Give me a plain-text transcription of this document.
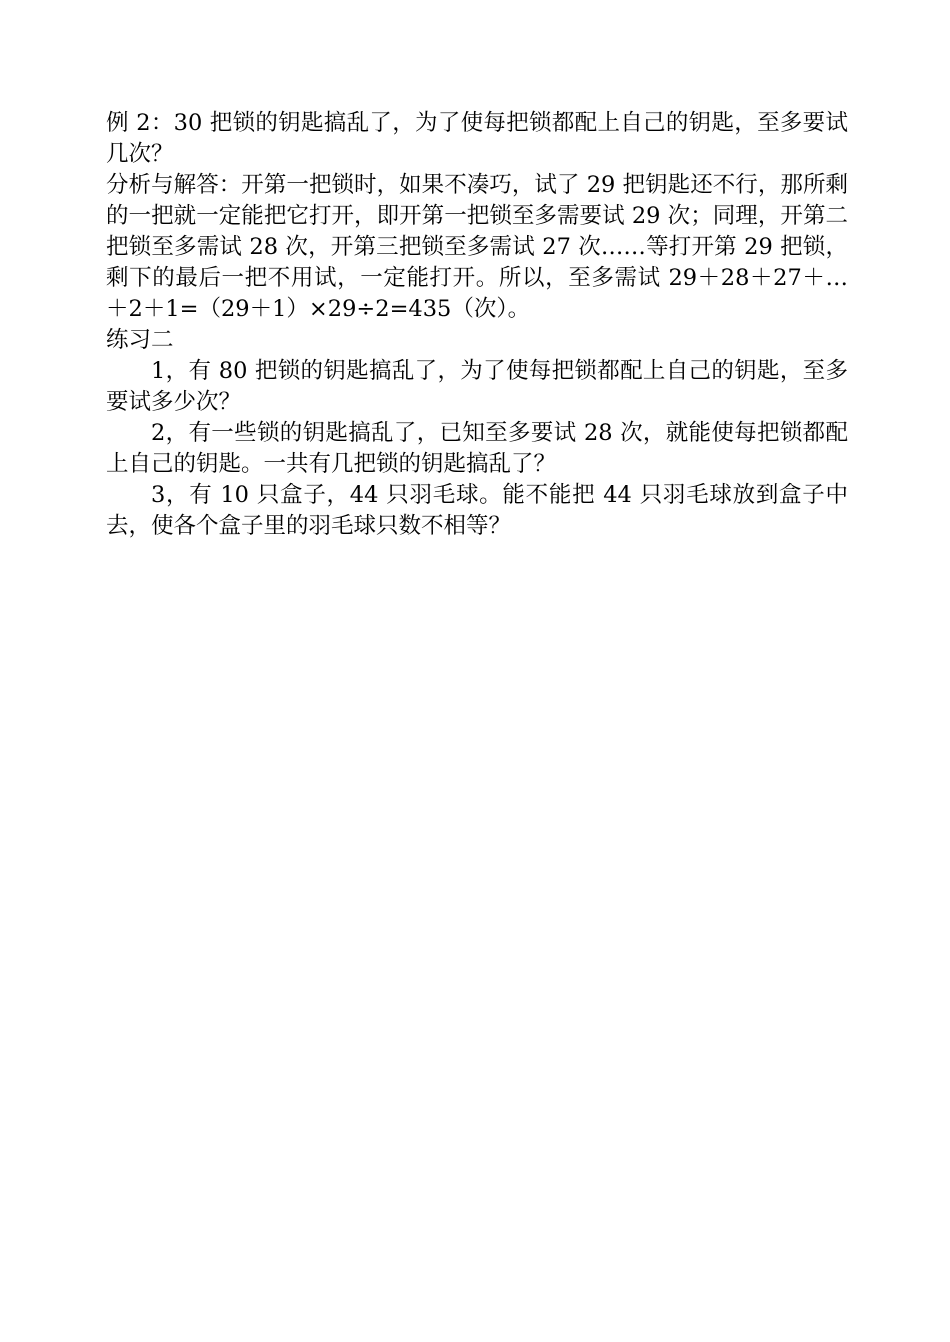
例 2：30 把锁的钥匙搞乱了，为了使每把锁都配上自己的钥匙，至多要试几次？

分析与解答：开第一把锁时，如果不凑巧，试了 29 把钥匙还不行，那所剩的一把就一定能把它打开，即开第一把锁至多需要试 29 次；同理，开第二把锁至多需试 28 次，开第三把锁至多需试 27 次……等打开第 29 把锁，剩下的最后一把不用试，一定能打开。所以，至多需试 29＋28＋27＋…＋2＋1=（29＋1）×29÷2=435（次）。

练习二

1，有 80 把锁的钥匙搞乱了，为了使每把锁都配上自己的钥匙，至多要试多少次？

2，有一些锁的钥匙搞乱了，已知至多要试 28 次，就能使每把锁都配上自己的钥匙。一共有几把锁的钥匙搞乱了？

3，有 10 只盒子，44 只羽毛球。能不能把 44 只羽毛球放到盒子中去，使各个盒子里的羽毛球只数不相等？
